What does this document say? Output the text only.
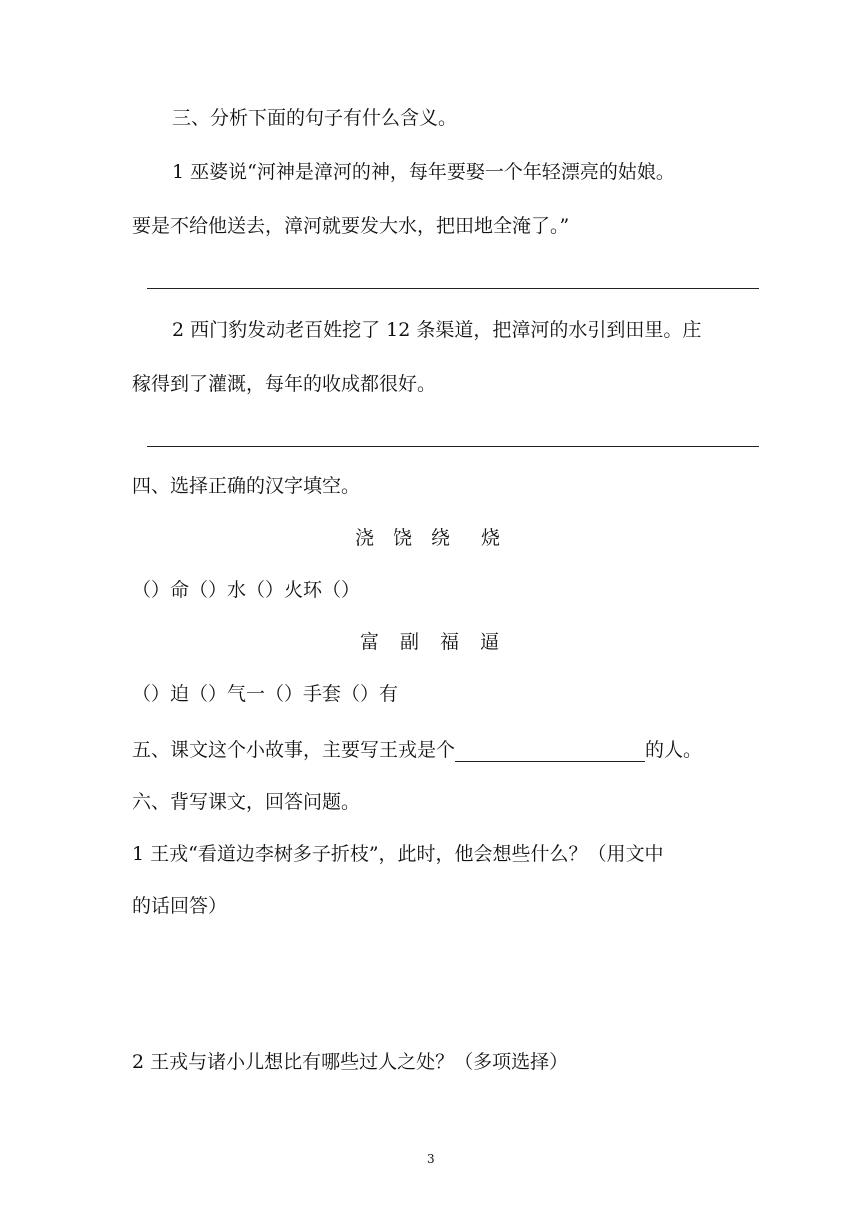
三、分析下面的句子有什么含义。
1 巫婆说“河神是漳河的神，每年要娶一个年轻漂亮的姑娘。
要是不给他送去，漳河就要发大水，把田地全淹了。”
2 西门豹发动老百姓挖了 12 条渠道，把漳河的水引到田里。庄
稼得到了灌溉，每年的收成都很好。
四、选择正确的汉字填空。
浇 饶 绕 烧
（）命（）水（）火环（）
富 副 福 逼
（）迫（）气一（）手套（）有
五、课文这个小故事，主要写王戎是个	的人。
六、背写课文，回答问题。
1 王戎“看道边李树多子折枝”，此时，他会想些什么？（用文中
的话回答）
2 王戎与诸小儿想比有哪些过人之处？（多项选择）
3
